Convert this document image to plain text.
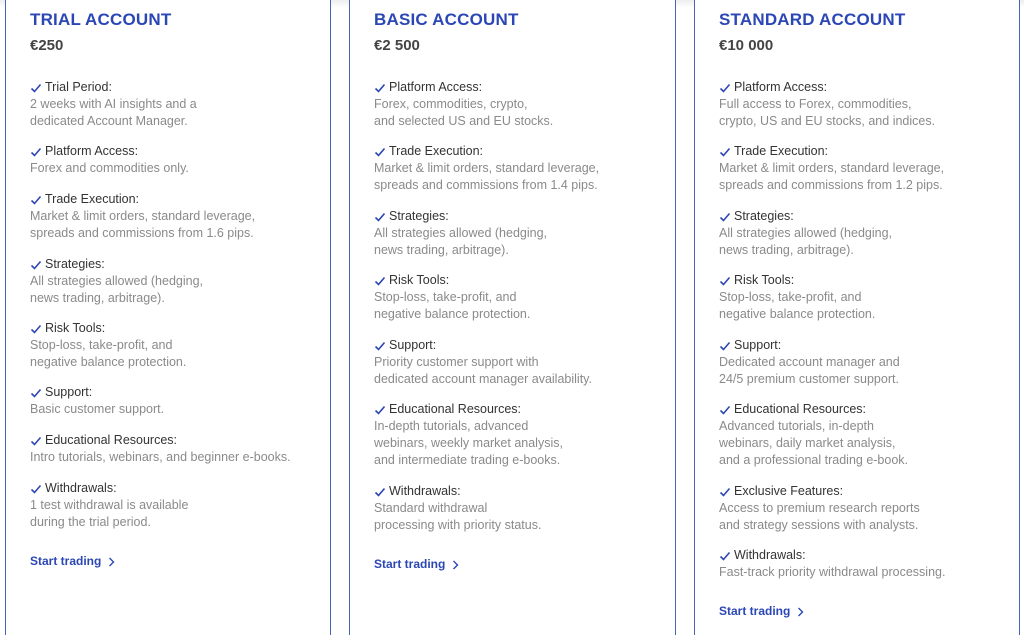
TRIAL ACCOUNT
€250
Trial Period:
2 weeks with AI insights and a
dedicated Account Manager.
Platform Access:
Forex and commodities only.
Trade Execution:
Market & limit orders, standard leverage,
spreads and commissions from 1.6 pips.
Strategies:
All strategies allowed (hedging,
news trading, arbitrage).
Risk Tools:
Stop-loss, take-profit, and
negative balance protection.
Support:
Basic customer support.
Educational Resources:
Intro tutorials, webinars, and beginner e-books.
Withdrawals:
1 test withdrawal is available
during the trial period.
Start trading
BASIC ACCOUNT
€2 500
Platform Access:
Forex, commodities, crypto,
and selected US and EU stocks.
Trade Execution:
Market & limit orders, standard leverage,
spreads and commissions from 1.4 pips.
Strategies:
All strategies allowed (hedging,
news trading, arbitrage).
Risk Tools:
Stop-loss, take-profit, and
negative balance protection.
Support:
Priority customer support with
dedicated account manager availability.
Educational Resources:
In-depth tutorials, advanced
webinars, weekly market analysis,
and intermediate trading e-books.
Withdrawals:
Standard withdrawal
processing with priority status.
Start trading
STANDARD ACCOUNT
€10 000
Platform Access:
Full access to Forex, commodities,
crypto, US and EU stocks, and indices.
Trade Execution:
Market & limit orders, standard leverage,
spreads and commissions from 1.2 pips.
Strategies:
All strategies allowed (hedging,
news trading, arbitrage).
Risk Tools:
Stop-loss, take-profit, and
negative balance protection.
Support:
Dedicated account manager and
24/5 premium customer support.
Educational Resources:
Advanced tutorials, in-depth
webinars, daily market analysis,
and a professional trading e-book.
Exclusive Features:
Access to premium research reports
and strategy sessions with analysts.
Withdrawals:
Fast-track priority withdrawal processing.
Start trading
